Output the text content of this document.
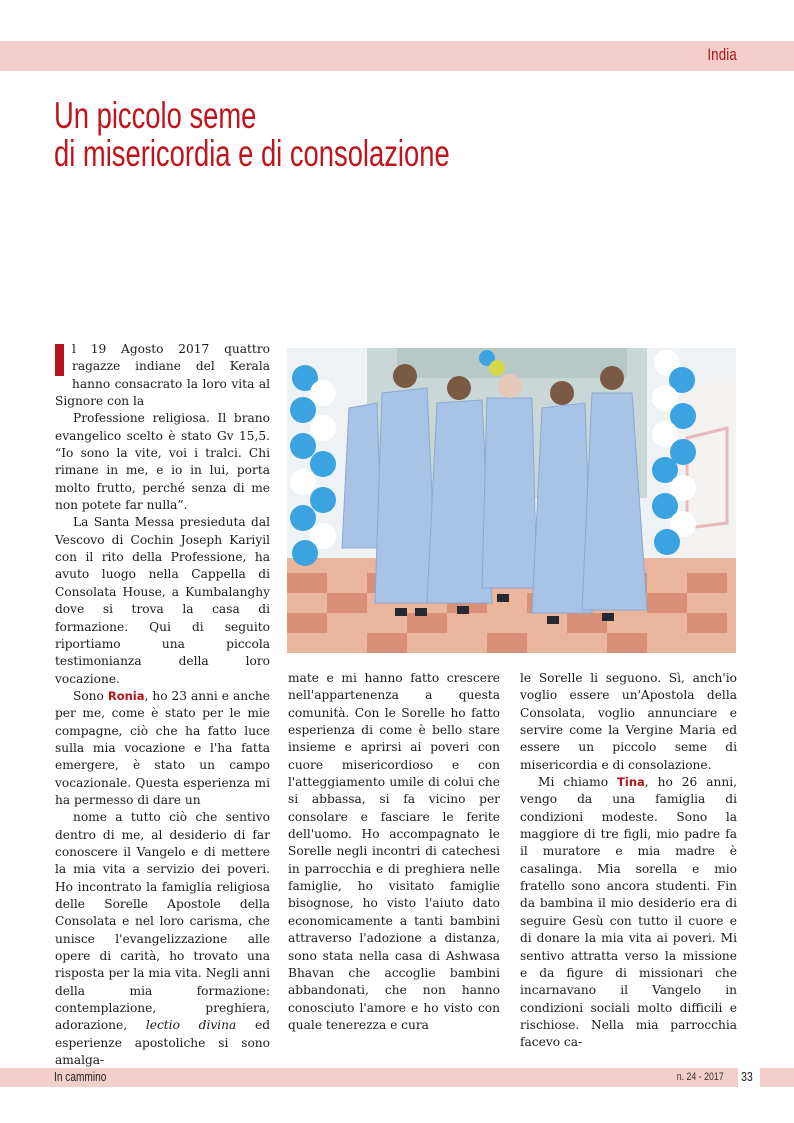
India
Un piccolo seme
di misericordia e di consolazione

l 19 Agosto 2017 quattro ragazze indiane del Kerala hanno consacrato la loro vita al Signore con la

Professione religiosa. Il brano evangelico scelto è stato Gv 15,5. “Io sono la vite, voi i tralci. Chi rimane in me, e io in lui, porta molto frutto, perché senza di me non potete far nulla”.

La Santa Messa presieduta dal Vescovo di Cochin Joseph Kariyil con il rito della Professione, ha avuto luogo nella Cappella di Consolata House, a Kumbalanghy dove si trova la casa di formazione. Qui di seguito riportiamo una piccola testimonianza della loro vocazione.

Sono Ronia, ho 23 anni e anche per me, come è stato per le mie compagne, ciò che ha fatto luce sulla mia vocazione e l'ha fatta emergere, è stato un campo vocazionale. Questa esperienza mi ha permesso di dare un

nome a tutto ciò che sentivo dentro di me, al desiderio di far conoscere il Vangelo e di mettere la mia vita a servizio dei poveri. Ho incontrato la famiglia religiosa delle Sorelle Apostole della Consolata e nel loro carisma, che unisce l'evangelizzazione alle opere di carità, ho trovato una risposta per la mia vita. Negli anni della mia formazione: contemplazione, preghiera, adorazione, lectio divina ed esperienze apostoliche si sono amalga-

mate e mi hanno fatto crescere nell'appartenenza a questa comunità. Con le Sorelle ho fatto esperienza di come è bello stare insieme e aprirsi ai poveri con cuore misericordioso e con l'atteggiamento umile di colui che si abbassa, si fa vicino per consolare e fasciare le ferite dell'uomo. Ho accompagnato le Sorelle negli incontri di catechesi in parrocchia e di preghiera nelle famiglie, ho visitato famiglie bisognose, ho visto l'aiuto dato economicamente a tanti bambini attraverso l'adozione a distanza, sono stata nella casa di Ashwasa Bhavan che accoglie bambini abbandonati, che non hanno conosciuto l'amore e ho visto con quale tenerezza e cura

le Sorelle li seguono. Sì, anch'io voglio essere un'Apostola della Consolata, voglio annunciare e servire come la Vergine Maria ed essere un piccolo seme di misericordia e di consolazione.

Mi chiamo Tina, ho 26 anni, vengo da una famiglia di condizioni modeste. Sono la maggiore di tre figli, mio padre fa il muratore e mia madre è casalinga. Mia sorella e mio fratello sono ancora studenti. Fin da bambina il mio desiderio era di seguire Gesù con tutto il cuore e di donare la mia vita ai poveri. Mi sentivo attratta verso la missione e da figure di missionari che incarnavano il Vangelo in condizioni sociali molto difficili e rischiose. Nella mia parrocchia facevo ca-

In cammino	n. 24 - 2017 33
